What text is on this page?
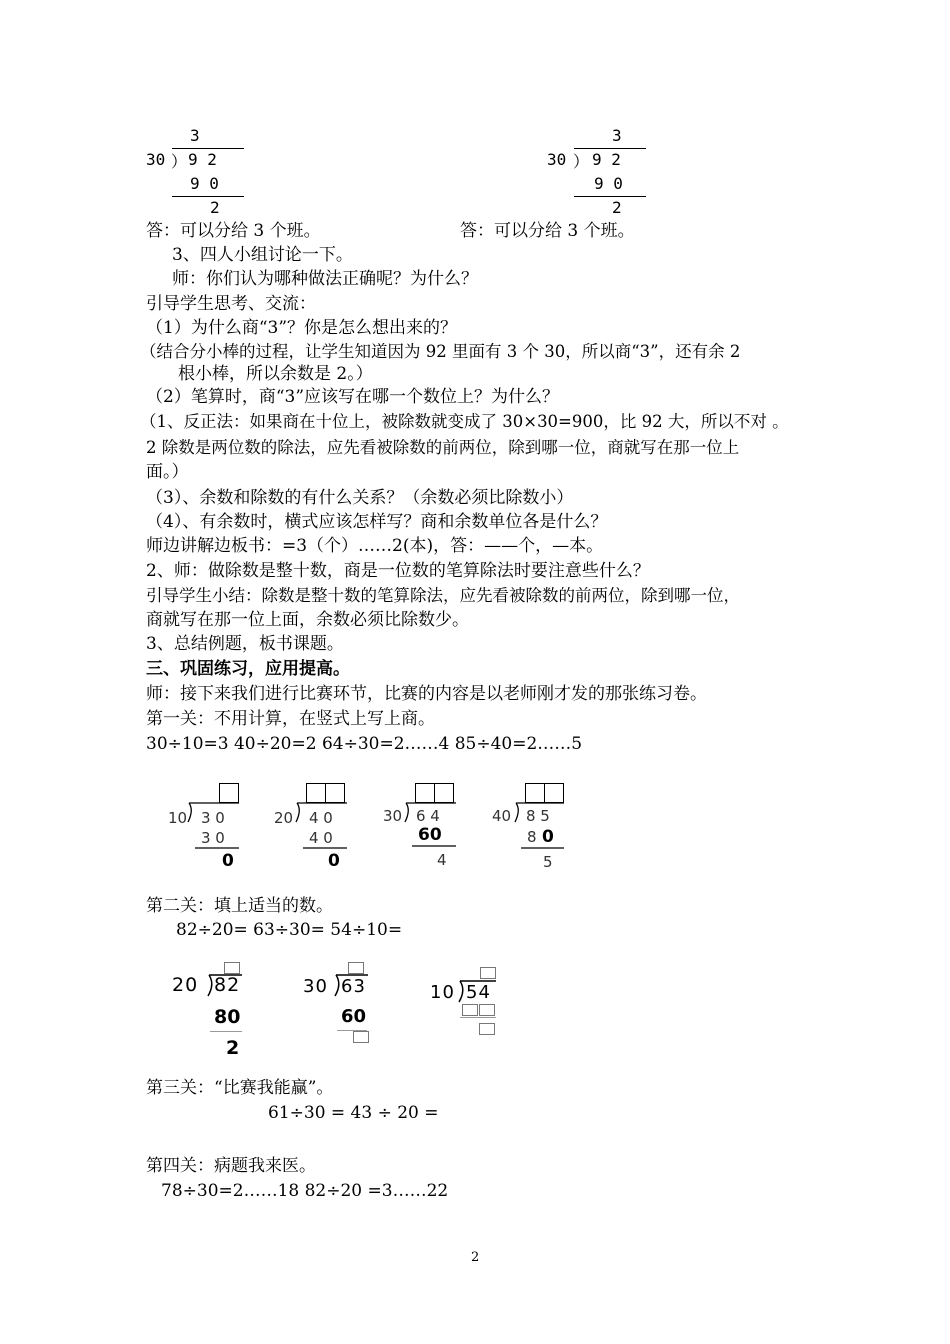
3
30 ） 9 2
9 0
2
3
30 ） 9 2
9 0
2
答：可以分给 3 个班。	答：可以分给 3 个班。
3、四人小组讨论一下。
师：你们认为哪种做法正确呢？为什么？
引导学生思考、交流：
（1）为什么商“3”？你是怎么想出来的？
（结合分小棒的过程，让学生知道因为 92 里面有 3 个 30，所以商“3”，还有余 2
根小棒，所以余数是 2。）
（2）笔算时，商“3”应该写在哪一个数位上？为什么？
（1、反正法：如果商在十位上，被除数就变成了 30×30=900，比 92 大，所以不对 。
2 除数是两位数的除法，应先看被除数的前两位，除到哪一位，商就写在那一位上
面。）
（3）、余数和除数的有什么关系？（余数必须比除数小）
（4）、有余数时，横式应该怎样写？商和余数单位各是什么？
师边讲解边板书：=3（个）……2(本)，答：——个，—本。
2、师：做除数是整十数，商是一位数的笔算除法时要注意些什么？
引导学生小结：除数是整十数的笔算除法，应先看被除数的前两位，除到哪一位，
商就写在那一位上面，余数必须比除数少。
3、总结例题，板书课题。
三、巩固练习，应用提高。
师：接下来我们进行比赛环节，比赛的内容是以老师刚才发的那张练习卷。
第一关：不用计算，在竖式上写上商。
30÷10=3 40÷20=2 64÷30=2……4 85÷40=2……5
10 3 0
3 0
0
20 4 0
4 0
0
30 6 4
60
4
40 8 5
8 0
5
第二关：填上适当的数。
82÷20= 63÷30= 54÷10=
20 82
80
2
30 63
60
10 54
第三关：“比赛我能赢”。
61÷30 = 43 ÷ 20 =
第四关：病题我来医。
78÷30=2……18 82÷20 =3……22
2
